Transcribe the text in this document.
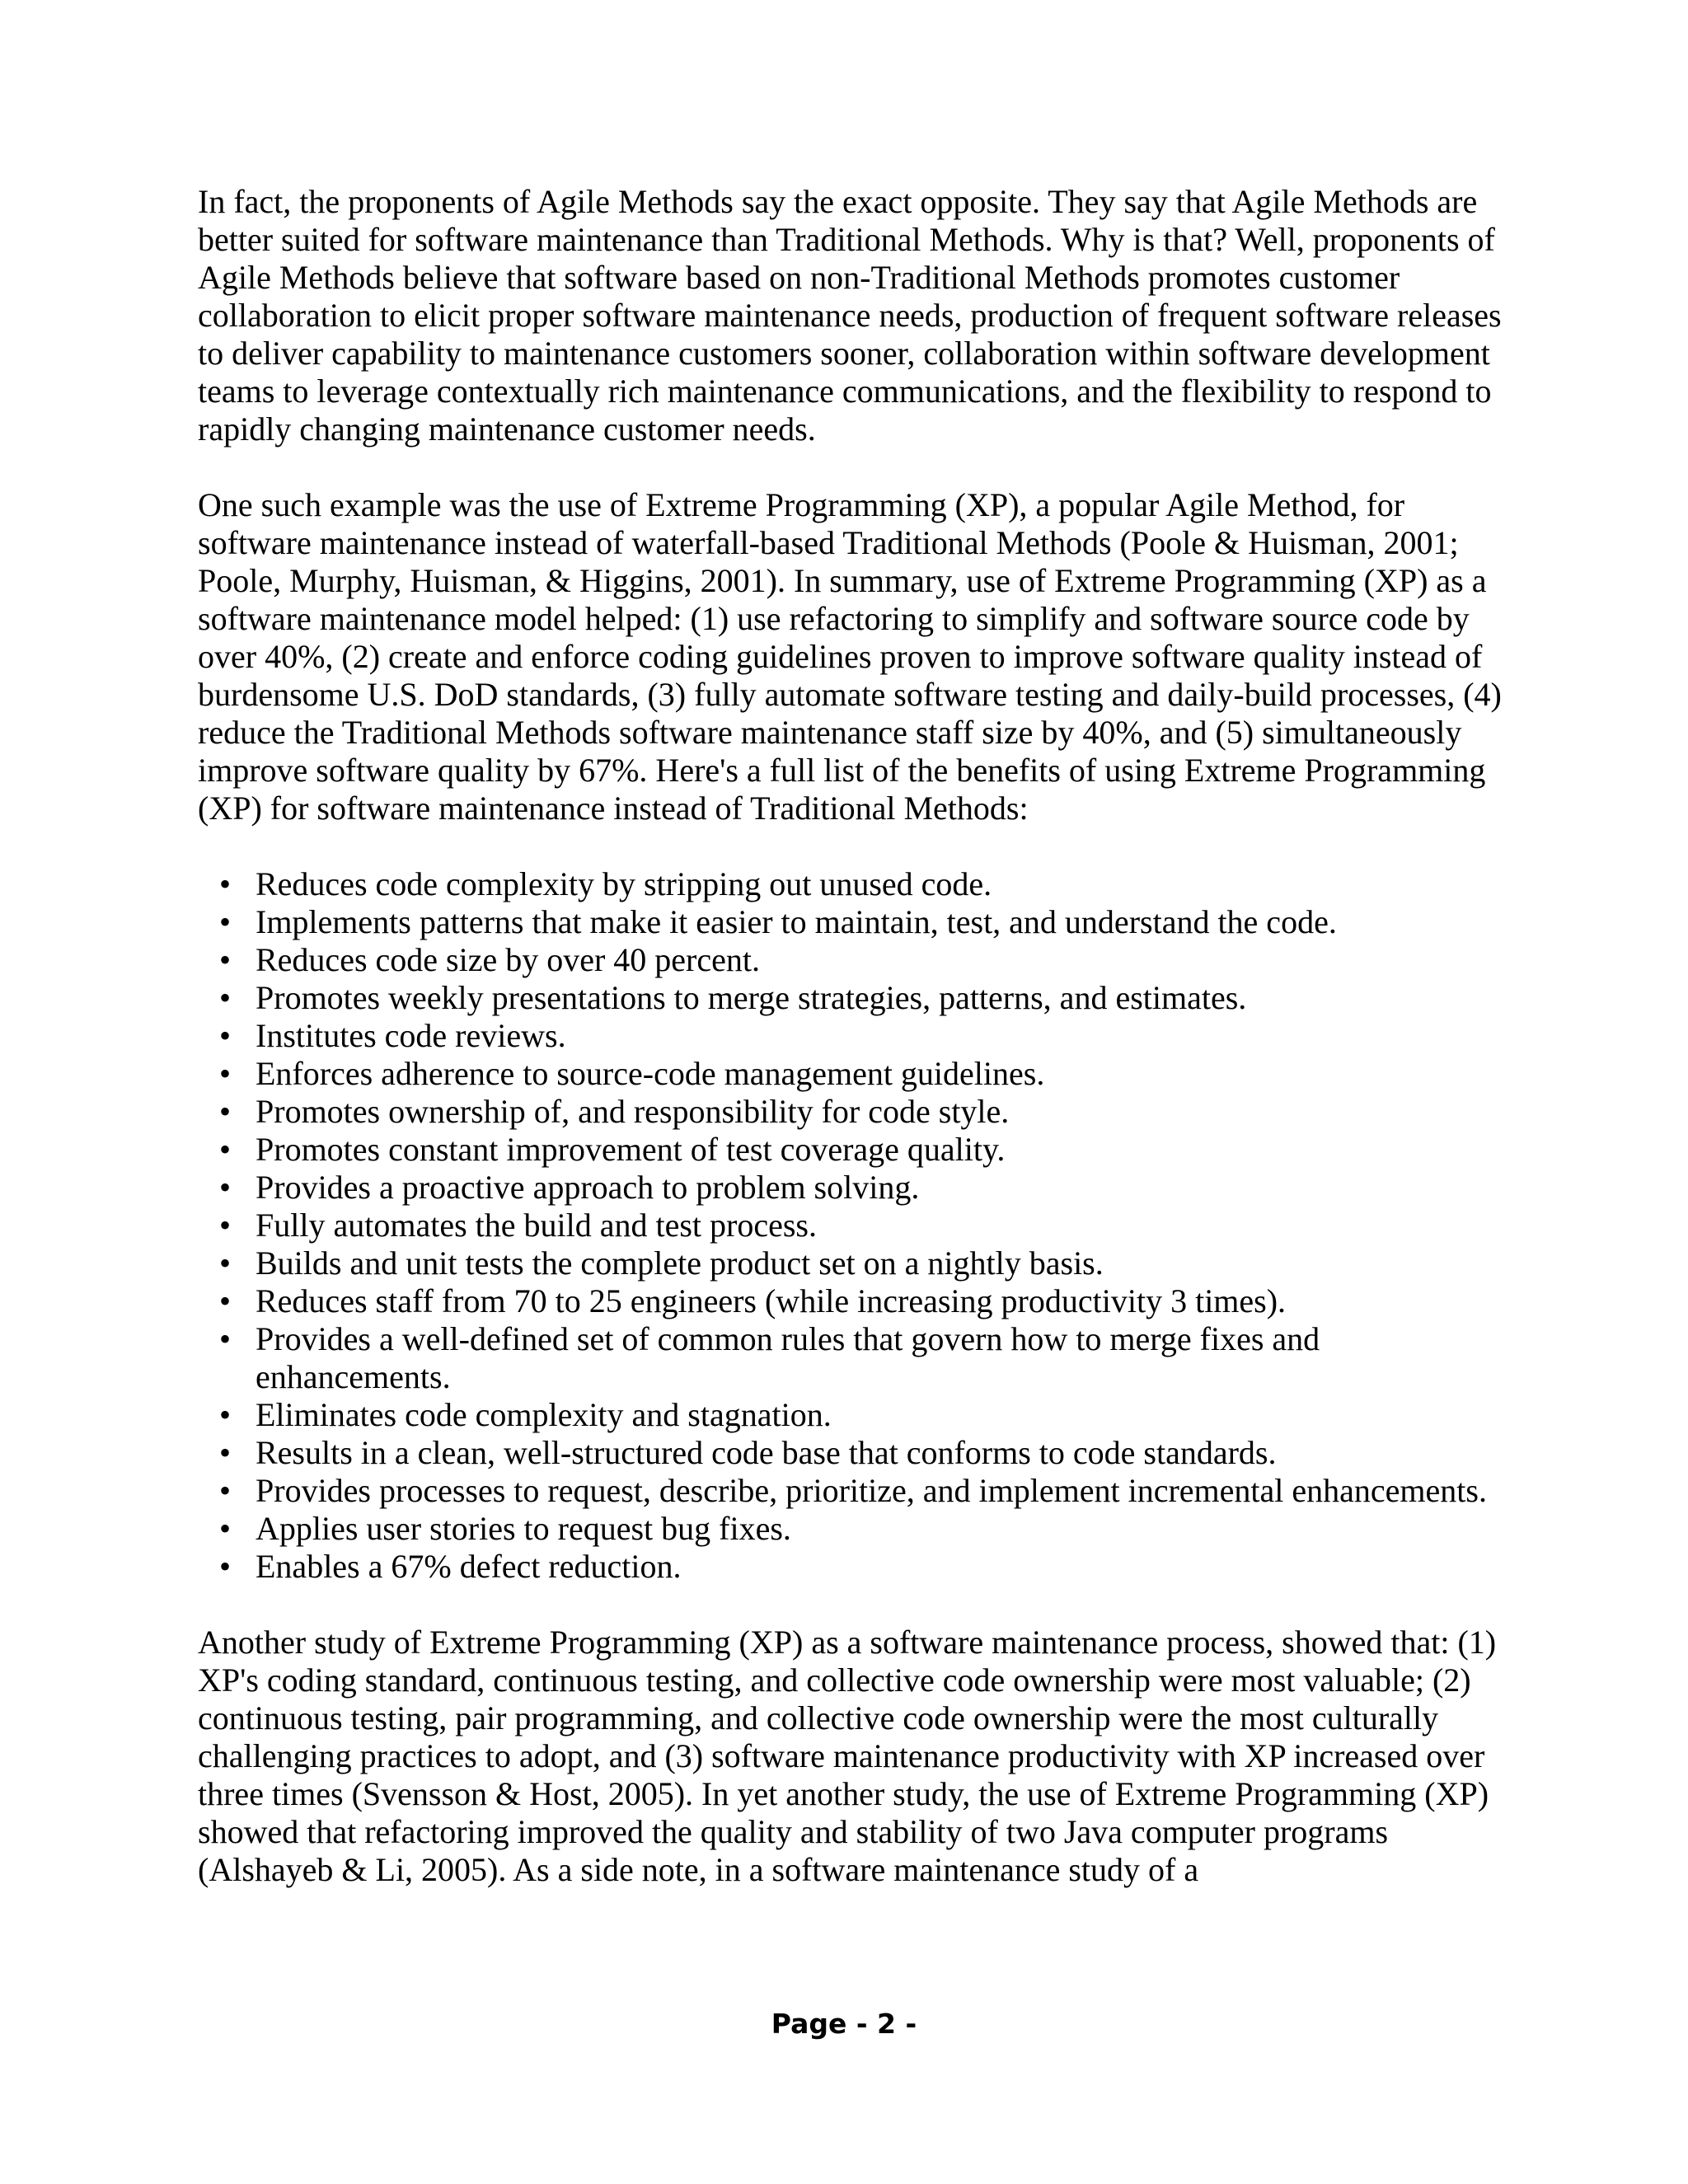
In fact, the proponents of Agile Methods say the exact opposite. They say that Agile Methods are better suited for software maintenance than Traditional Methods. Why is that? Well, proponents of Agile Methods believe that software based on non-Traditional Methods promotes customer collaboration to elicit proper software maintenance needs, production of frequent software releases to deliver capability to maintenance customers sooner, collaboration within software development teams to leverage contextually rich maintenance communications, and the flexibility to respond to rapidly changing maintenance customer needs.

One such example was the use of Extreme Programming (XP), a popular Agile Method, for software maintenance instead of waterfall-based Traditional Methods (Poole & Huisman, 2001; Poole, Murphy, Huisman, & Higgins, 2001). In summary, use of Extreme Programming (XP) as a software maintenance model helped: (1) use refactoring to simplify and software source code by over 40%, (2) create and enforce coding guidelines proven to improve software quality instead of burdensome U.S. DoD standards, (3) fully automate software testing and daily-build processes, (4) reduce the Traditional Methods software maintenance staff size by 40%, and (5) simultaneously improve software quality by 67%. Here's a full list of the benefits of using Extreme Programming (XP) for software maintenance instead of Traditional Methods:

• Reduces code complexity by stripping out unused code.
• Implements patterns that make it easier to maintain, test, and understand the code.
• Reduces code size by over 40 percent.
• Promotes weekly presentations to merge strategies, patterns, and estimates.
• Institutes code reviews.
• Enforces adherence to source-code management guidelines.
• Promotes ownership of, and responsibility for code style.
• Promotes constant improvement of test coverage quality.
• Provides a proactive approach to problem solving.
• Fully automates the build and test process.
• Builds and unit tests the complete product set on a nightly basis.
• Reduces staff from 70 to 25 engineers (while increasing productivity 3 times).
• Provides a well-defined set of common rules that govern how to merge fixes and enhancements.
• Eliminates code complexity and stagnation.
• Results in a clean, well-structured code base that conforms to code standards.
• Provides processes to request, describe, prioritize, and implement incremental enhancements.
• Applies user stories to request bug fixes.
• Enables a 67% defect reduction.

Another study of Extreme Programming (XP) as a software maintenance process, showed that: (1) XP's coding standard, continuous testing, and collective code ownership were most valuable; (2) continuous testing, pair programming, and collective code ownership were the most culturally challenging practices to adopt, and (3) software maintenance productivity with XP increased over three times (Svensson & Host, 2005). In yet another study, the use of Extreme Programming (XP) showed that refactoring improved the quality and stability of two Java computer programs (Alshayeb & Li, 2005). As a side note, in a software maintenance study of a

Page - 2 -
